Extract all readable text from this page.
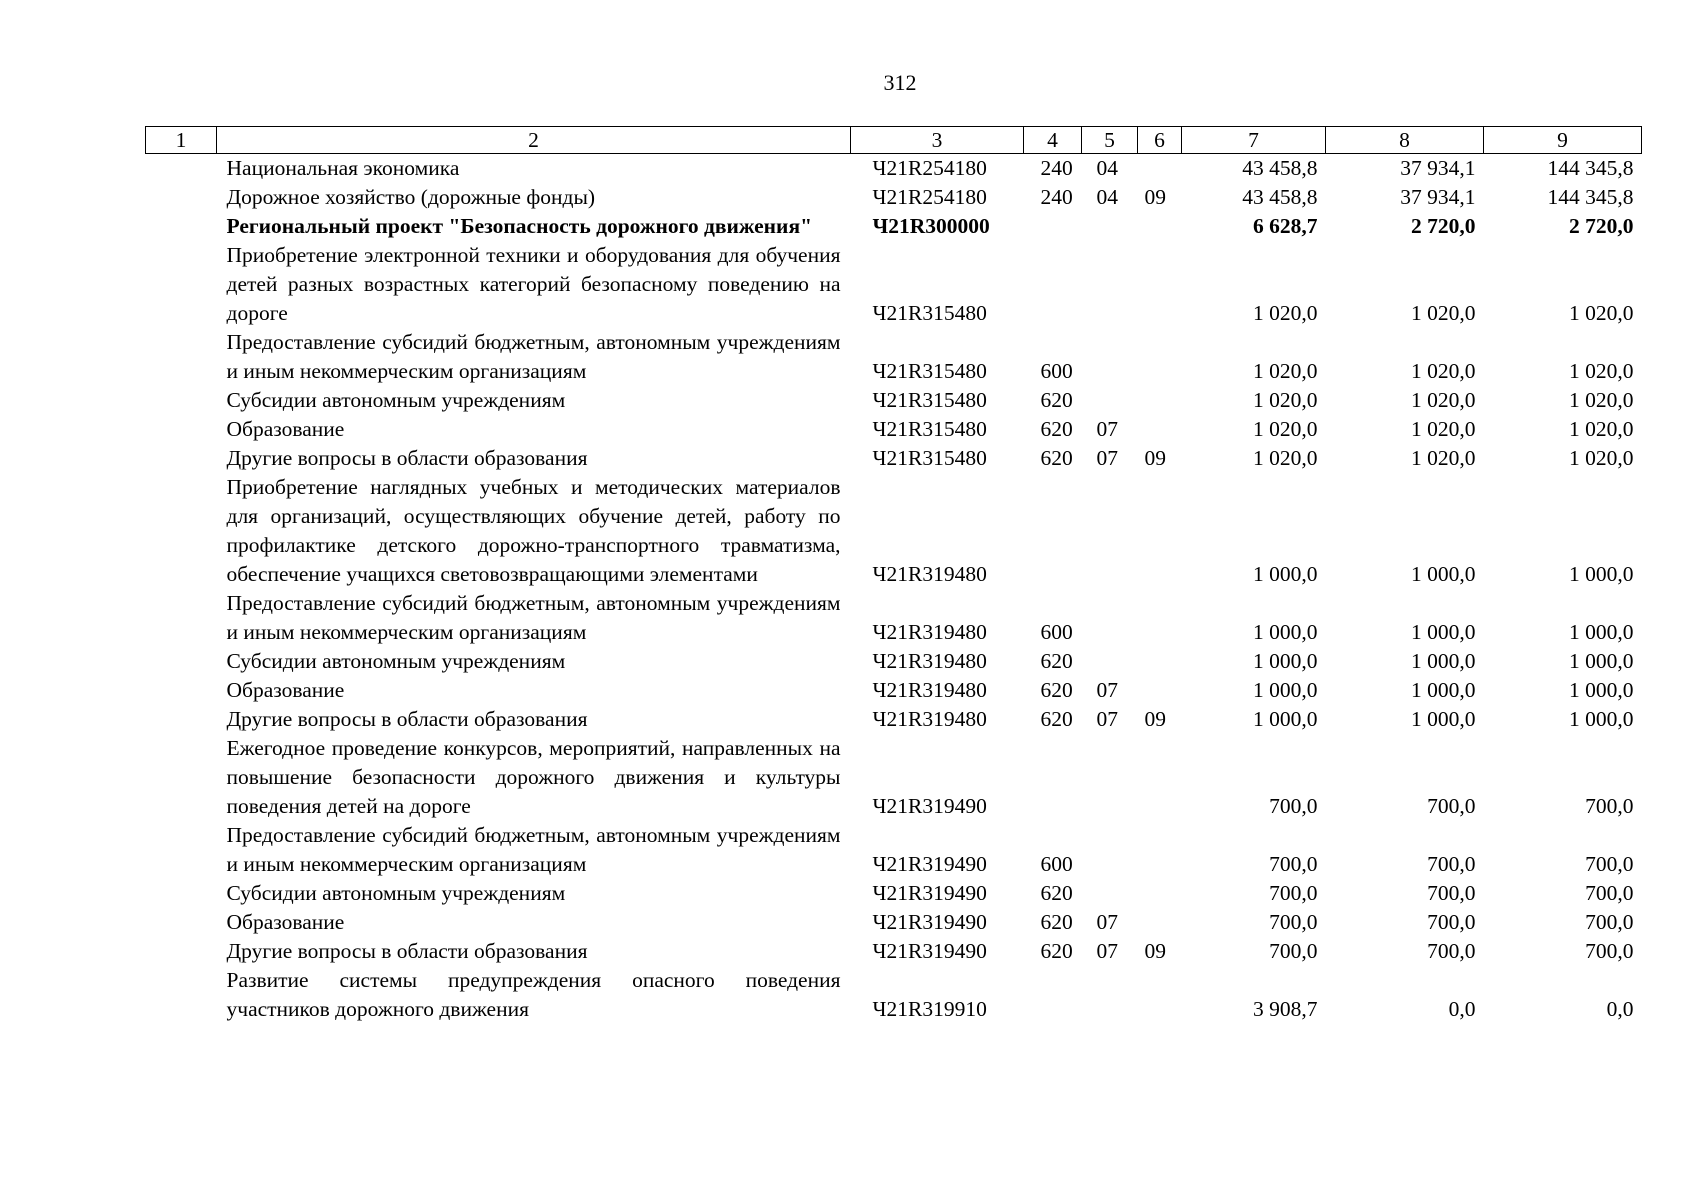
312
1	2	3	4	5	6	7	8	9
	Национальная экономика	Ч21R254180	240	04		43 458,8	37 934,1	144 345,8
	Дорожное хозяйство (дорожные фонды)	Ч21R254180	240	04	09	43 458,8	37 934,1	144 345,8
	Региональный проект "Безопасность дорожного движения"	Ч21R300000				6 628,7	2 720,0	2 720,0
	Приобретение электронной техники и оборудования для обучения детей разных возрастных категорий безопасному поведению на дороге	Ч21R315480				1 020,0	1 020,0	1 020,0
	Предоставление субсидий бюджетным, автономным учреждениям и иным некоммерческим организациям	Ч21R315480	600			1 020,0	1 020,0	1 020,0
	Субсидии автономным учреждениям	Ч21R315480	620			1 020,0	1 020,0	1 020,0
	Образование	Ч21R315480	620	07		1 020,0	1 020,0	1 020,0
	Другие вопросы в области образования	Ч21R315480	620	07	09	1 020,0	1 020,0	1 020,0
	Приобретение наглядных учебных и методических материалов для организаций, осуществляющих обучение детей, работу по профилактике детского дорожно-транспортного травматизма, обеспечение учащихся световозвращающими элементами	Ч21R319480				1 000,0	1 000,0	1 000,0
	Предоставление субсидий бюджетным, автономным учреждениям и иным некоммерческим организациям	Ч21R319480	600			1 000,0	1 000,0	1 000,0
	Субсидии автономным учреждениям	Ч21R319480	620			1 000,0	1 000,0	1 000,0
	Образование	Ч21R319480	620	07		1 000,0	1 000,0	1 000,0
	Другие вопросы в области образования	Ч21R319480	620	07	09	1 000,0	1 000,0	1 000,0
	Ежегодное проведение конкурсов, мероприятий, направленных на повышение безопасности дорожного движения и культуры поведения детей на дороге	Ч21R319490				700,0	700,0	700,0
	Предоставление субсидий бюджетным, автономным учреждениям и иным некоммерческим организациям	Ч21R319490	600			700,0	700,0	700,0
	Субсидии автономным учреждениям	Ч21R319490	620			700,0	700,0	700,0
	Образование	Ч21R319490	620	07		700,0	700,0	700,0
	Другие вопросы в области образования	Ч21R319490	620	07	09	700,0	700,0	700,0
	Развитие системы предупреждения опасного поведения участников дорожного движения	Ч21R319910				3 908,7	0,0	0,0
